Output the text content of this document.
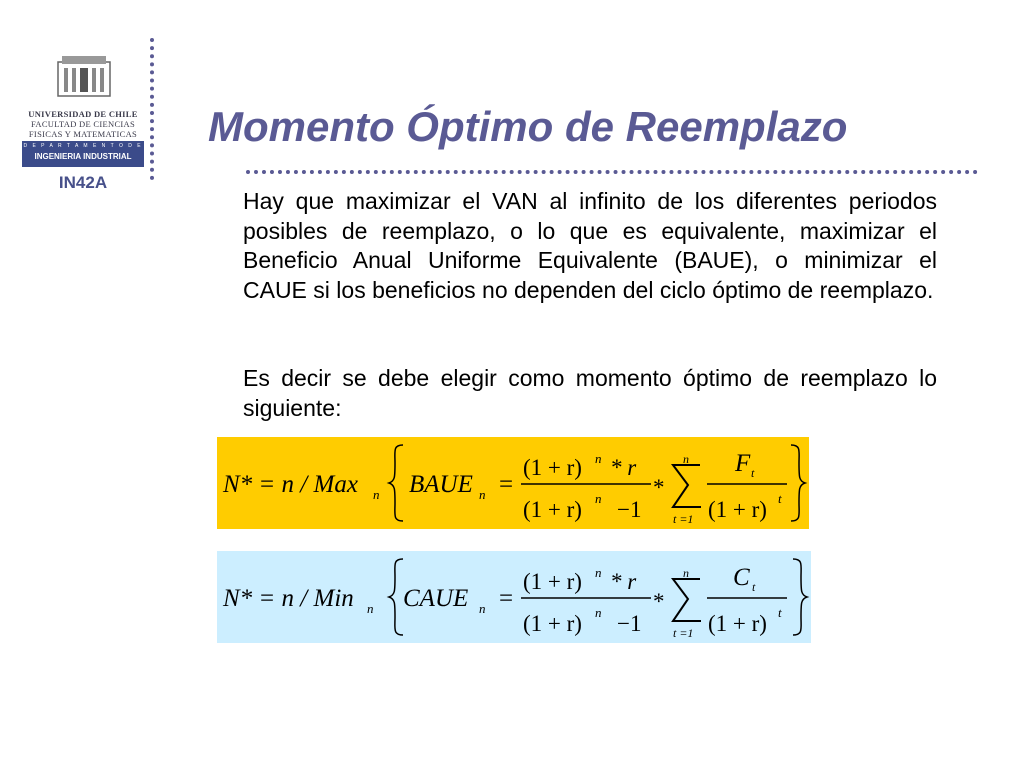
UNIVERSIDAD DE CHILE
FACULTAD DE CIENCIAS
FISICAS Y MATEMATICAS
D E P A R T A M E N T O D E
INGENIERIA INDUSTRIAL
IN42A
Momento Óptimo de Reemplazo
Hay que maximizar el VAN al infinito de los diferentes periodos posibles de reemplazo, o lo que es equivalente, maximizar el Beneficio Anual Uniforme Equivalente (BAUE), o minimizar el CAUE si los beneficios no dependen del ciclo óptimo de reemplazo.
Es decir se debe elegir como momento óptimo de reemplazo lo siguiente:
N* = n / Max n BAUE n =
(1 + r) n * r
(1 + r) n −1
*
n
t =1
F t
(1 + r) t
N* = n / Min n CAUE n =
(1 + r) n * r
(1 + r) n −1
*
n
t =1
C t
(1 + r) t
